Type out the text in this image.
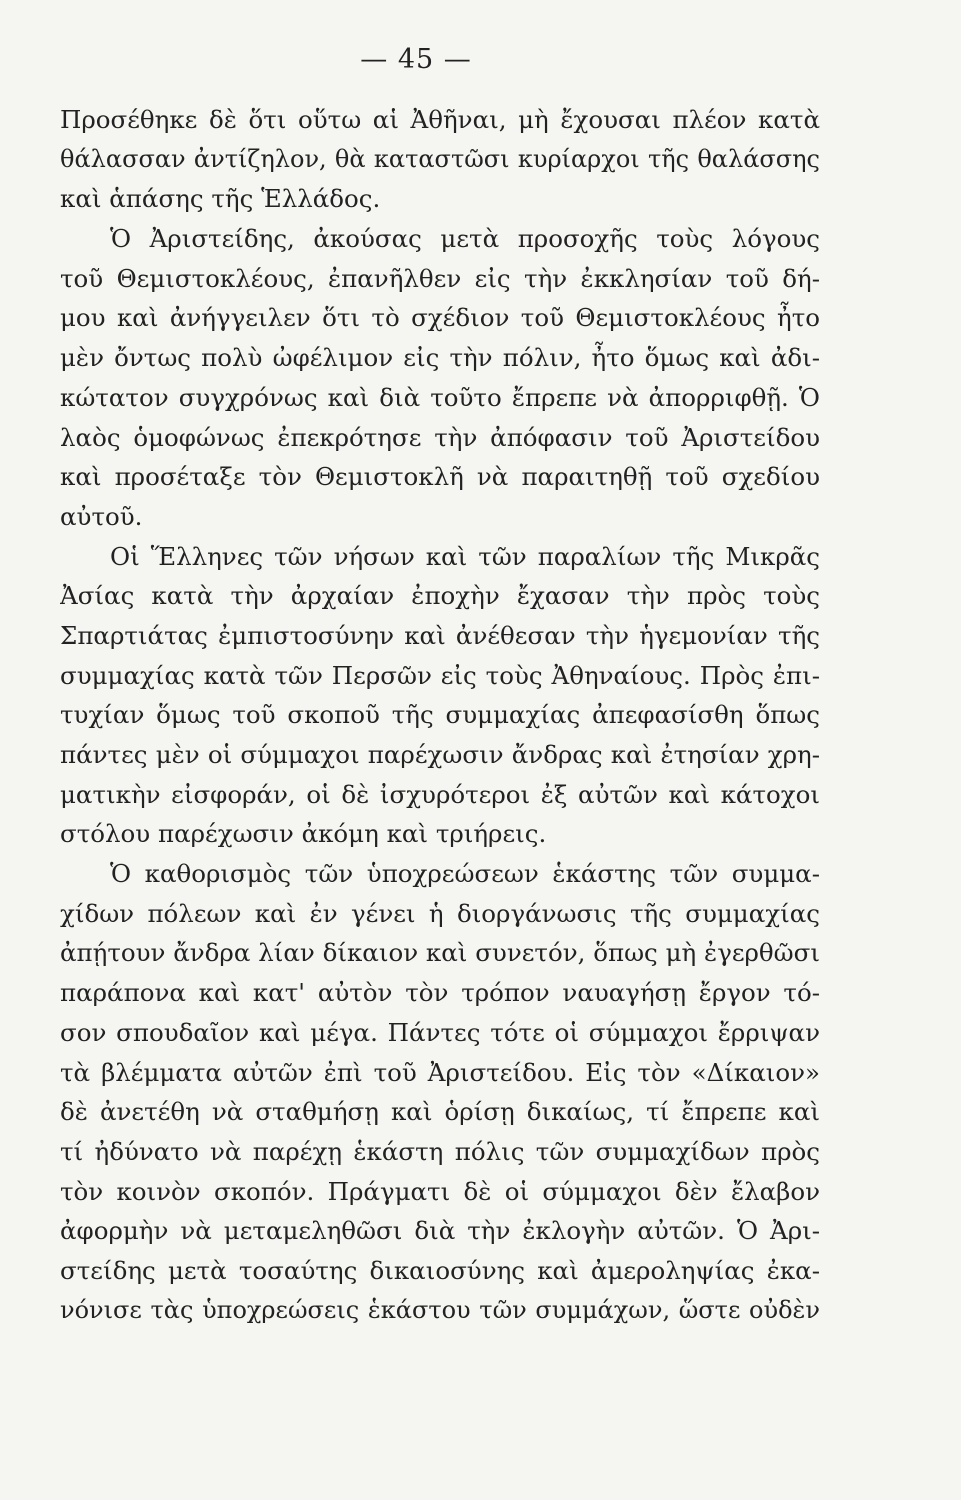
— 45 —
Προσέθηκε δὲ ὅτι οὕτω αἱ Ἀθῆναι, μὴ ἔχουσαι πλέον κατὰ
θάλασσαν ἀντίζηλον, θὰ καταστῶσι κυρίαρχοι τῆς θαλάσσης
καὶ ἁπάσης τῆς Ἑλλάδος.
Ὁ Ἀριστείδης, ἀκούσας μετὰ προσοχῆς τοὺς λόγους
τοῦ Θεμιστοκλέους, ἐπανῆλθεν εἰς τὴν ἐκκλησίαν τοῦ δή-
μου καὶ ἀνήγγειλεν ὅτι τὸ σχέδιον τοῦ Θεμιστοκλέους ἦτο
μὲν ὄντως πολὺ ὠφέλιμον εἰς τὴν πόλιν, ἦτο ὅμως καὶ ἀδι-
κώτατον συγχρόνως καὶ διὰ τοῦτο ἔπρεπε νὰ ἀπορριφθῇ. Ὁ
λαὸς ὁμοφώνως ἐπεκρότησε τὴν ἀπόφασιν τοῦ Ἀριστείδου
καὶ προσέταξε τὸν Θεμιστοκλῆ νὰ παραιτηθῇ τοῦ σχεδίου
αὐτοῦ.
Οἱ Ἕλληνες τῶν νήσων καὶ τῶν παραλίων τῆς Μικρᾶς
Ἀσίας κατὰ τὴν ἀρχαίαν ἐποχὴν ἔχασαν τὴν πρὸς τοὺς
Σπαρτιάτας ἐμπιστοσύνην καὶ ἀνέθεσαν τὴν ἡγεμονίαν τῆς
συμμαχίας κατὰ τῶν Περσῶν εἰς τοὺς Ἀθηναίους. Πρὸς ἐπι-
τυχίαν ὅμως τοῦ σκοποῦ τῆς συμμαχίας ἀπεφασίσθη ὅπως
πάντες μὲν οἱ σύμμαχοι παρέχωσιν ἄνδρας καὶ ἐτησίαν χρη-
ματικὴν εἰσφοράν, οἱ δὲ ἰσχυρότεροι ἐξ αὐτῶν καὶ κάτοχοι
στόλου παρέχωσιν ἀκόμη καὶ τριήρεις.
Ὁ καθορισμὸς τῶν ὑποχρεώσεων ἑκάστης τῶν συμμα-
χίδων πόλεων καὶ ἐν γένει ἡ διοργάνωσις τῆς συμμαχίας
ἀπῄτουν ἄνδρα λίαν δίκαιον καὶ συνετόν, ὅπως μὴ ἐγερθῶσι
παράπονα καὶ κατ' αὐτὸν τὸν τρόπον ναυαγήσῃ ἔργον τό-
σον σπουδαῖον καὶ μέγα. Πάντες τότε οἱ σύμμαχοι ἔρριψαν
τὰ βλέμματα αὐτῶν ἐπὶ τοῦ Ἀριστείδου. Εἰς τὸν «Δίκαιον»
δὲ ἀνετέθη νὰ σταθμήσῃ καὶ ὁρίσῃ δικαίως, τί ἔπρεπε καὶ
τί ἠδύνατο νὰ παρέχῃ ἑκάστη πόλις τῶν συμμαχίδων πρὸς
τὸν κοινὸν σκοπόν. Πράγματι δὲ οἱ σύμμαχοι δὲν ἔλαβον
ἀφορμὴν νὰ μεταμεληθῶσι διὰ τὴν ἐκλογὴν αὐτῶν. Ὁ Ἀρι-
στείδης μετὰ τοσαύτης δικαιοσύνης καὶ ἀμεροληψίας ἐκα-
νόνισε τὰς ὑποχρεώσεις ἑκάστου τῶν συμμάχων, ὥστε οὐδὲν
